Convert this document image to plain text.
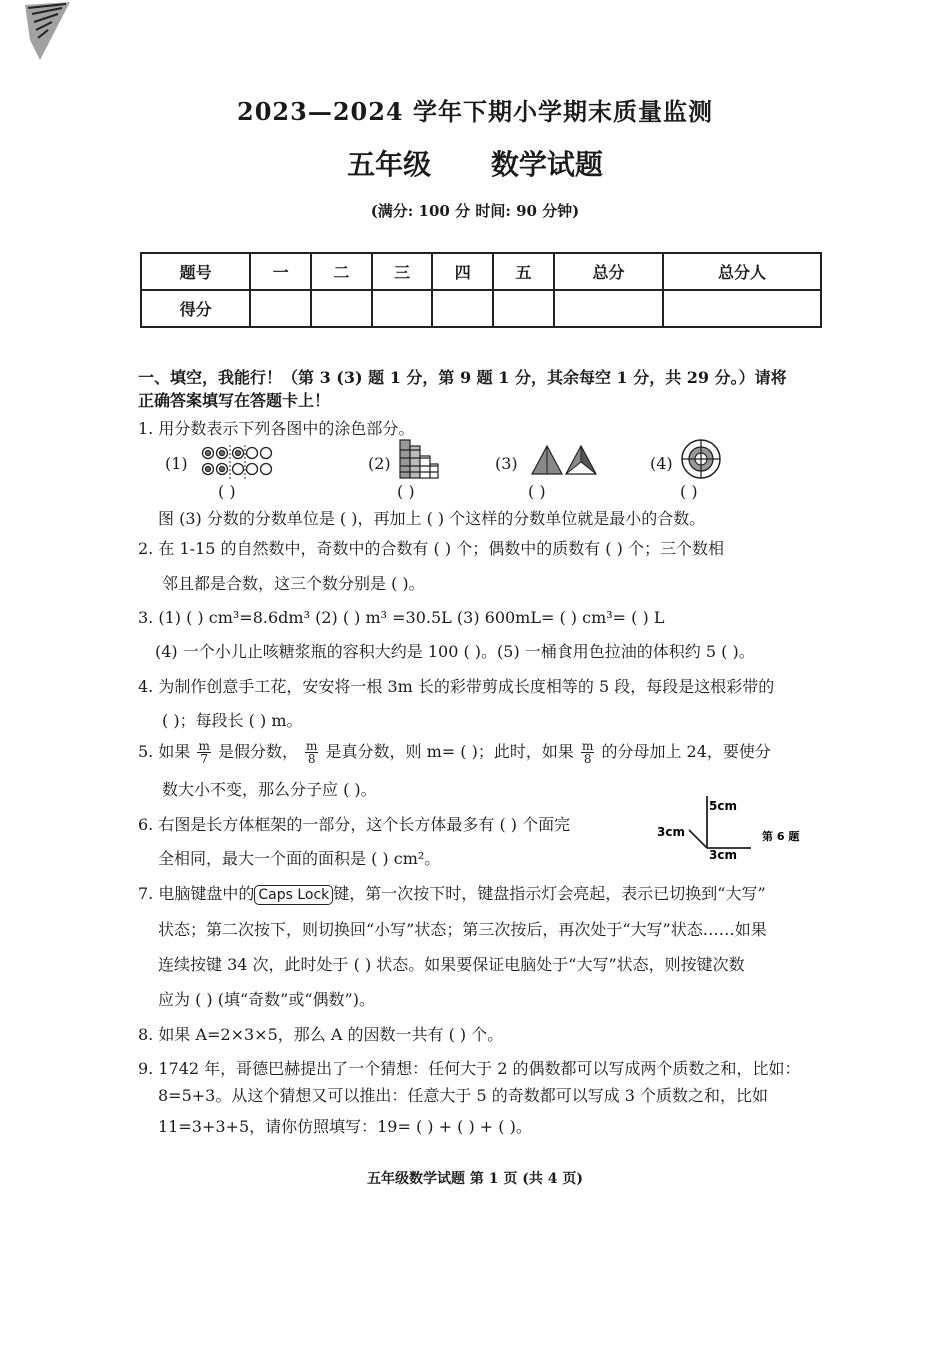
2023—2024 学年下期小学期末质量监测
五年级 数学试题
(满分: 100 分 时间: 90 分钟)
题号	一	二	三	四	五	总分	总分人
得分							
一、填空，我能行！（第 3 (3) 题 1 分，第 9 题 1 分，其余每空 1 分，共 29 分。）请将
正确答案填写在答题卡上！
1. 用分数表示下列各图中的涂色部分。
(1)
( )
(2)
( )
(3)
( )
(4)
( )
图 (3) 分数的分数单位是 ( )，再加上 ( ) 个这样的分数单位就是最小的合数。
2. 在 1-15 的自然数中，奇数中的合数有 ( ) 个；偶数中的质数有 ( ) 个；三个数相
邻且都是合数，这三个数分别是 ( )。
3. (1) ( ) cm³=8.6dm³ (2) ( ) m³ =30.5L (3) 600mL= ( ) cm³= ( ) L
(4) 一个小儿止咳糖浆瓶的容积大约是 100 ( )。(5) 一桶食用色拉油的体积约 5 ( )。
4. 为制作创意手工花，安安将一根 3m 长的彩带剪成长度相等的 5 段，每段是这根彩带的
( )；每段长 ( ) m。
5. 如果 $\frac{m}{7}$ 是假分数， $\frac{m}{8}$ 是真分数，则 m= ( )；此时，如果 $\frac{m}{8}$ 的分母加上 24，要使分
数大小不变，那么分子应 ( )。
6. 右图是长方体框架的一部分，这个长方体最多有 ( ) 个面完
全相同，最大一个面的面积是 ( ) cm²。
5cm
3cm
3cm
第 6 题
7. 电脑键盘中的 Caps Lock 键，第一次按下时，键盘指示灯会亮起，表示已切换到“大写”
状态；第二次按下，则切换回“小写”状态；第三次按后，再次处于“大写”状态……如果
连续按键 34 次，此时处于 ( ) 状态。如果要保证电脑处于“大写”状态，则按键次数
应为 ( ) (填“奇数”或“偶数”)。
8. 如果 A=2×3×5，那么 A 的因数一共有 ( ) 个。
9. 1742 年，哥德巴赫提出了一个猜想：任何大于 2 的偶数都可以写成两个质数之和，比如：
8=5+3。从这个猜想又可以推出：任意大于 5 的奇数都可以写成 3 个质数之和，比如
11=3+3+5，请你仿照填写：19= ( ) + ( ) + ( )。
五年级数学试题 第 1 页 (共 4 页)
